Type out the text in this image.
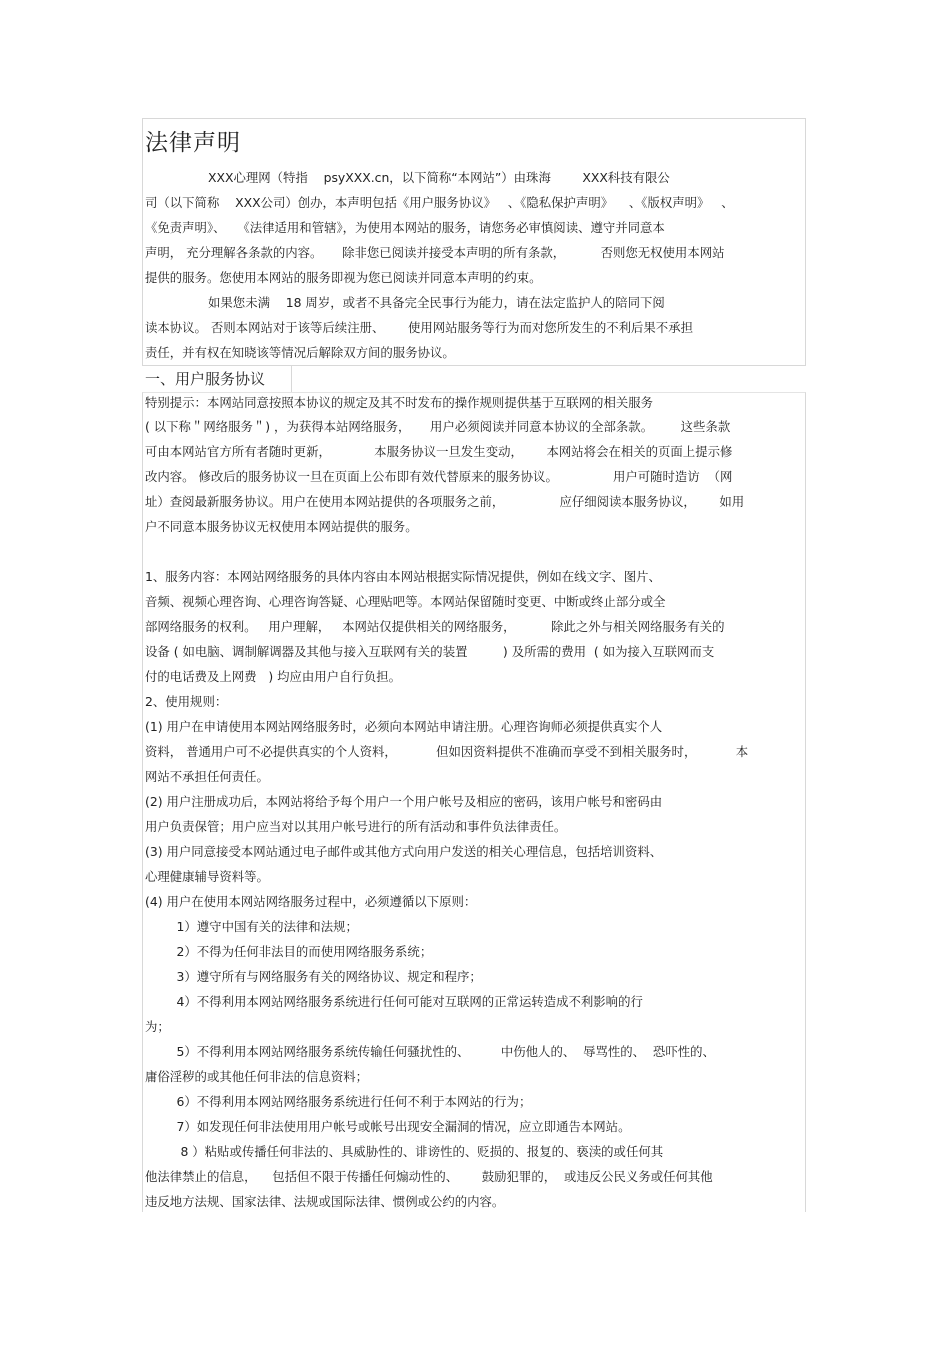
法律声明

XXX心理网（特指    psyXXX.cn，以下简称“本网站”）由珠海        XXX科技有限公

司（以下简称    XXX公司）创办，本声明包括《用户服务协议》   、《隐私保护声明》    、《版权声明》   、

《免责声明》、   《法律适用和管辖》，为使用本网站的服务，请您务必审慎阅读、遵守并同意本

声明， 充分理解各条款的内容。     除非您已阅读并接受本声明的所有条款，         否则您无权使用本网站

提供的服务。您使用本网站的服务即视为您已阅读并同意本声明的约束。

如果您未满    18 周岁，或者不具备完全民事行为能力，请在法定监护人的陪同下阅

读本协议。 否则本网站对于该等后续注册、      使用网站服务等行为而对您所发生的不利后果不承担

责任，并有权在知晓该等情况后解除双方间的服务协议。

一、用户服务协议

特别提示：本网站同意按照本协议的规定及其不时发布的操作规则提供基于互联网的相关服务

( 以下称＂网络服务＂) ，为获得本站网络服务，     用户必须阅读并同意本协议的全部条款。       这些条款

可由本网站官方所有者随时更新，           本服务协议一旦发生变动，      本网站将会在相关的页面上提示修

改内容。 修改后的服务协议一旦在页面上公布即有效代替原来的服务协议。              用户可随时造访  （网

址）查阅最新服务协议。用户在使用本网站提供的各项服务之前，              应仔细阅读本服务协议，      如用

户不同意本服务协议无权使用本网站提供的服务。

1、服务内容：本网站网络服务的具体内容由本网站根据实际情况提供，例如在线文字、图片、

音频、视频心理咨询、心理咨询答疑、心理贴吧等。本网站保留随时变更、中断或终止部分或全

部网络服务的权利。   用户理解，   本网站仅提供相关的网络服务，         除此之外与相关网络服务有关的

设备 ( 如电脑、调制解调器及其他与接入互联网有关的装置         ) 及所需的费用  ( 如为接入互联网而支

付的电话费及上网费   ) 均应由用户自行负担。

2、使用规则：

(1) 用户在申请使用本网站网络服务时，必须向本网站申请注册。心理咨询师必须提供真实个人

资料， 普通用户可不必提供真实的个人资料，          但如因资料提供不准确而享受不到相关服务时，          本

网站不承担任何责任。

(2) 用户注册成功后，本网站将给予每个用户一个用户帐号及相应的密码，该用户帐号和密码由

用户负责保管；用户应当对以其用户帐号进行的所有活动和事件负法律责任。

(3) 用户同意接受本网站通过电子邮件或其他方式向用户发送的相关心理信息，包括培训资料、

心理健康辅导资料等。

(4) 用户在使用本网站网络服务过程中，必须遵循以下原则：

1）遵守中国有关的法律和法规；

2）不得为任何非法目的而使用网络服务系统；

3）遵守所有与网络服务有关的网络协议、规定和程序；

4）不得利用本网站网络服务系统进行任何可能对互联网的正常运转造成不利影响的行

为；

5）不得利用本网站网络服务系统传输任何骚扰性的、        中伤他人的、  辱骂性的、  恐吓性的、

庸俗淫秽的或其他任何非法的信息资料；

6）不得利用本网站网络服务系统进行任何不利于本网站的行为；

7）如发现任何非法使用用户帐号或帐号出现安全漏洞的情况，应立即通告本网站。

8 ）粘贴或传播任何非法的、具威胁性的、诽谤性的、贬损的、报复的、亵渎的或任何其

他法律禁止的信息，    包括但不限于传播任何煽动性的、      鼓励犯罪的，  或违反公民义务或任何其他

违反地方法规、国家法律、法规或国际法律、惯例或公约的内容。
